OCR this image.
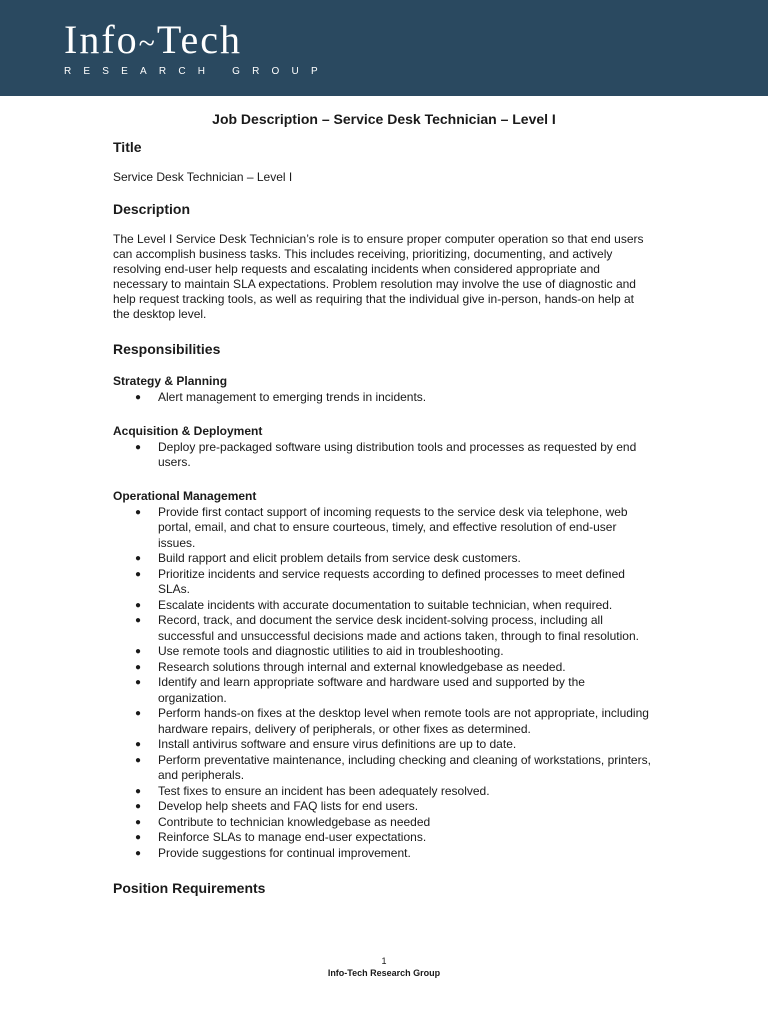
Info~Tech
RESEARCH GROUP
Job Description – Service Desk Technician – Level I
Title

Service Desk Technician – Level I

Description

The Level I Service Desk Technician’s role is to ensure proper computer operation so that end users can accomplish business tasks. This includes receiving, prioritizing, documenting, and actively resolving end-user help requests and escalating incidents when considered appropriate and necessary to maintain SLA expectations. Problem resolution may involve the use of diagnostic and help request tracking tools, as well as requiring that the individual give in-person, hands-on help at the desktop level.

Responsibilities
Strategy & Planning
● Alert management to emerging trends in incidents.
Acquisition & Deployment
● Deploy pre-packaged software using distribution tools and processes as requested by end users.
Operational Management
● Provide first contact support of incoming requests to the service desk via telephone, web portal, email, and chat to ensure courteous, timely, and effective resolution of end-user issues.
● Build rapport and elicit problem details from service desk customers.
● Prioritize incidents and service requests according to defined processes to meet defined SLAs.
● Escalate incidents with accurate documentation to suitable technician, when required.
● Record, track, and document the service desk incident-solving process, including all successful and unsuccessful decisions made and actions taken, through to final resolution.
● Use remote tools and diagnostic utilities to aid in troubleshooting.
● Research solutions through internal and external knowledgebase as needed.
● Identify and learn appropriate software and hardware used and supported by the organization.
● Perform hands-on fixes at the desktop level when remote tools are not appropriate, including hardware repairs, delivery of peripherals, or other fixes as determined.
● Install antivirus software and ensure virus definitions are up to date.
● Perform preventative maintenance, including checking and cleaning of workstations, printers, and peripherals.
● Test fixes to ensure an incident has been adequately resolved.
● Develop help sheets and FAQ lists for end users.
● Contribute to technician knowledgebase as needed
● Reinforce SLAs to manage end-user expectations.
● Provide suggestions for continual improvement.
Position Requirements
1
Info-Tech Research Group
